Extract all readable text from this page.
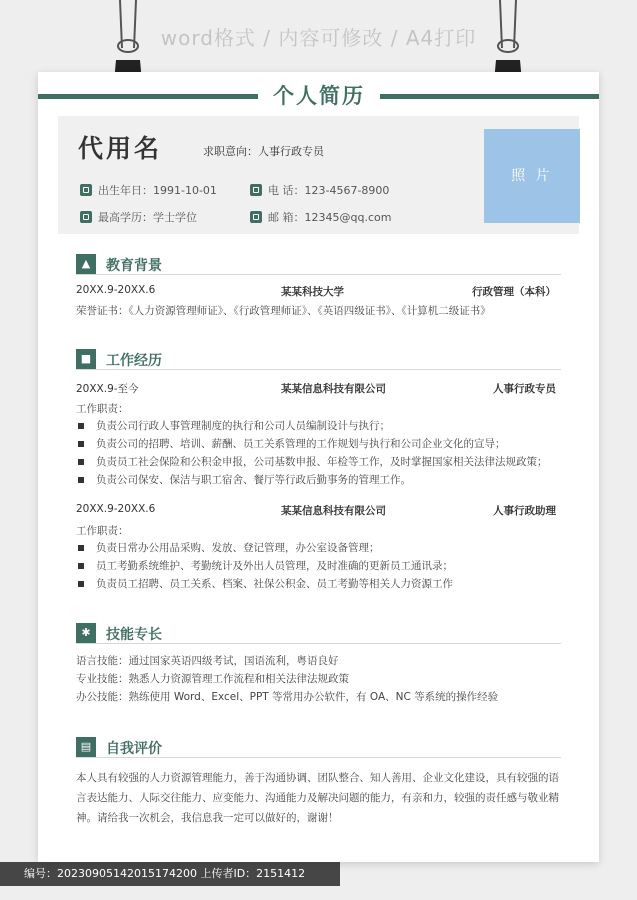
word格式 / 内容可修改 / A4打印
个人简历
代用名	求职意向：人事行政专员
出生年日：1991-10-01	电 话：123-4567-8900
最高学历：学士学位	邮 箱：12345@qq.com
照 片
▲	教育背景
20XX.9-20XX.6	某某科技大学	行政管理（本科）
荣誉证书：《人力资源管理师证》、《行政管理师证》、《英语四级证书》、《计算机二级证书》
■	工作经历
20XX.9-至今	某某信息科技有限公司	人事行政专员
工作职责：
负责公司行政人事管理制度的执行和公司人员编制设计与执行；
负责公司的招聘、培训、薪酬、员工关系管理的工作规划与执行和公司企业文化的宣导；
负责员工社会保险和公积金申报，公司基数申报、年检等工作，及时掌握国家相关法律法规政策；
负责公司保安、保洁与职工宿舍、餐厅等行政后勤事务的管理工作。
20XX.9-20XX.6	某某信息科技有限公司	人事行政助理
工作职责：
负责日常办公用品采购、发放、登记管理，办公室设备管理；
员工考勤系统维护、考勤统计及外出人员管理，及时准确的更新员工通讯录；
负责员工招聘、员工关系、档案、社保公积金、员工考勤等相关人力资源工作
✱	技能专长
语言技能：通过国家英语四级考试，国语流利，粤语良好
专业技能：熟悉人力资源管理工作流程和相关法律法规政策
办公技能：熟练使用 Word、Excel、PPT 等常用办公软件，有 OA、NC 等系统的操作经验
▤	自我评价
本人具有较强的人力资源管理能力，善于沟通协调、团队整合、知人善用、企业文化建设，具有较强的语言表达能力、人际交往能力、应变能力、沟通能力及解决问题的能力，有亲和力，较强的责任感与敬业精神。请给我一次机会，我信息我一定可以做好的，谢谢！
编号：20230905142015174200 上传者ID：2151412
